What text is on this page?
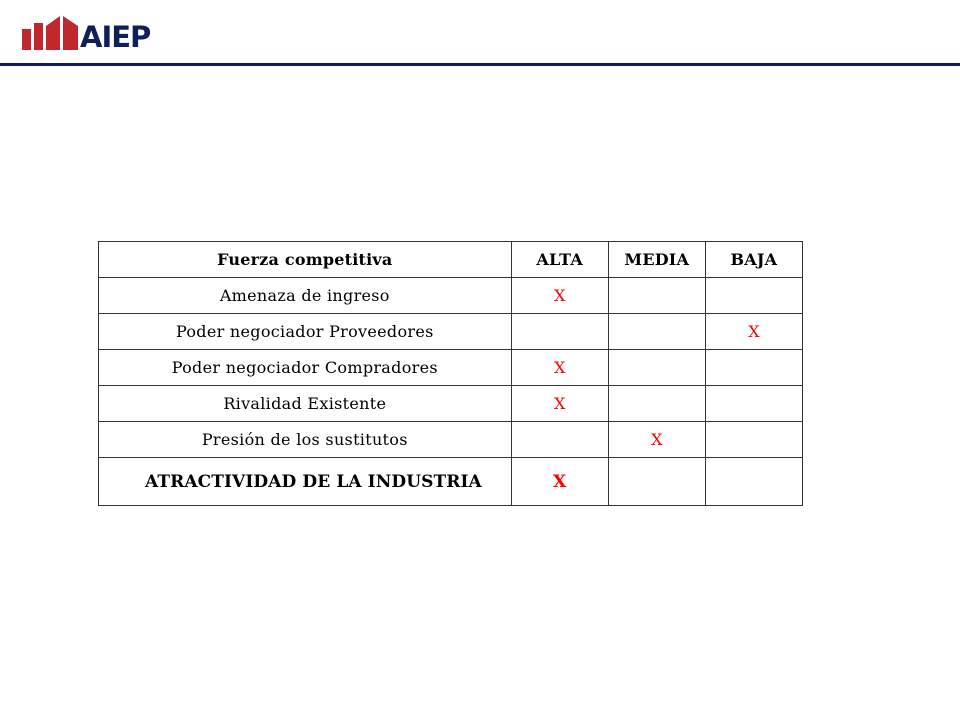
AIEP
Fuerza competitiva	ALTA	MEDIA	BAJA
Amenaza de ingreso	X		
Poder negociador Proveedores			X
Poder negociador Compradores	X		
Rivalidad Existente	X		
Presión de los sustitutos		X	
ATRACTIVIDAD DE LA INDUSTRIA	X		
